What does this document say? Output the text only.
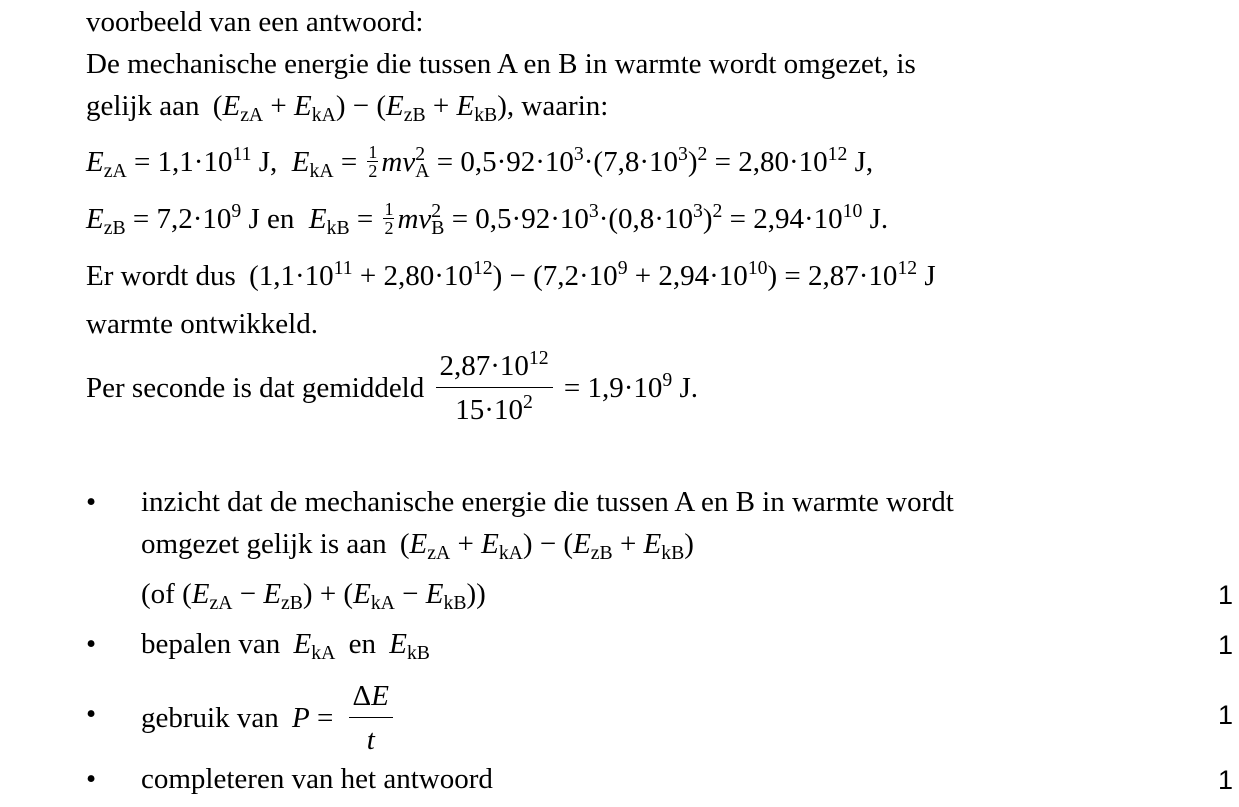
voorbeeld van een antwoord:
De mechanische energie die tussen A en B in warmte wordt omgezet, is
gelijk aan $(E_{zA} + E_{kA}) - (E_{zB} + E_{kB})$, waarin:
$E_{zA} = 1,1\cdot 10^{11}$ J,  $E_{kA} = \frac{1}{2} mv^2_A = 0,5\cdot 92\cdot 10^3\cdot(7,8\cdot 10^3)^2 = 2,80\cdot 10^{12}$ J,
$E_{zB} = 7,2\cdot 10^9$ J en  $E_{kB} = \frac{1}{2} mv^2_B = 0,5\cdot 92\cdot 10^3\cdot(0,8\cdot 10^3)^2 = 2,94\cdot 10^{10}$ J.
Er wordt dus $(1,1\cdot 10^{11} + 2,80\cdot 10^{12}) - (7,2\cdot 10^9 + 2,94\cdot 10^{10}) = 2,87\cdot 10^{12}$ J
warmte ontwikkeld.
Per seconde is dat gemiddeld $\frac{2,87\cdot 10^{12}}{15\cdot 10^2} = 1,9\cdot 10^9$ J.
• inzicht dat de mechanische energie die tussen A en B in warmte wordt
omgezet gelijk is aan $(E_{zA} + E_{kA}) - (E_{zB} + E_{kB})$
(of $(E_{zA} - E_{zB}) + (E_{kA} - E_{kB})$)	1
• bepalen van $E_{kA}$ en $E_{kB}$	1
• gebruik van $P = \frac{\Delta E}{t}$	1
• completeren van het antwoord	1
